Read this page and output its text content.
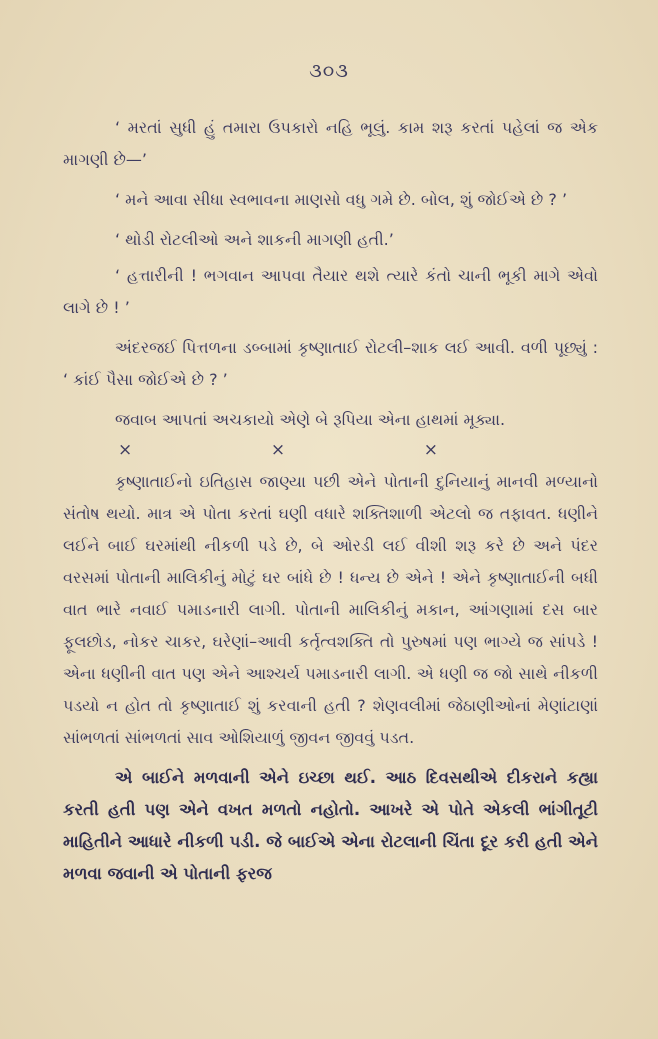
૩૦૩

‘ મરતાં સુધી હું તમારા ઉપકારો નહિ ભૂલું. કામ શરૂ કરતાં પહેલાં જ એક માગણી છે—’

‘ મને આવા સીધા સ્વભાવના માણસો વધુ ગમે છે. બોલ, શું જોઈએ છે ? ’

‘ થોડી રોટલીઓ અને શાકની માગણી હતી.’

‘ હત્તારીની ! ભગવાન આપવા તૈયાર થશે ત્યારે કંતો ચાની ભૂકી માગે એવો લાગે છે ! ’

અંદરજઈ પિત્તળના ડબ્બામાં કૃષ્ણાતાઈ રોટલી–શાક લઈ આવી. વળી પૂછ્યું : ‘ કાંઈ પૈસા જોઈએ છે ? ’

જવાબ આપતાં અચકાયો એણે બે રૂપિયા એના હાથમાં મૂક્યા.

×	×	×

કૃષ્ણાતાઈનો ઇતિહાસ જાણ્યા પછી એને પોતાની દુનિયાનું માનવી મળ્યાનો સંતોષ થયો. માત્ર એ પોતા કરતાં ઘણી વધારે શક્તિશાળી એટલો જ તફાવત. ધણીને લઈને બાઈ ઘરમાંથી નીકળી પડે છે, બે ઓરડી લઈ વીશી શરૂ કરે છે અને પંદર વરસમાં પોતાની માલિકીનું મોટું ઘર બાંધે છે ! ધન્ય છે એને ! એને કૃષ્ણાતાઈની બધી વાત ભારે નવાઈ પમાડનારી લાગી. પોતાની માલિકીનું મકાન, આંગણામાં દસ બાર ફૂલછોડ, નોકર ચાકર, ઘરેણાં–આવી કર્તૃત્વશક્તિ તો પુરુષમાં પણ ભાગ્યે જ સાંપડે ! એના ધણીની વાત પણ એને આશ્ચર્ય પમાડનારી લાગી. એ ધણી જ જો સાથે નીકળી પડયો ન હોત તો કૃષ્ણાતાઈ શું કરવાની હતી ? શેણવલીમાં જેઠાણીઓનાં મેણાંટાણાં સાંભળતાં સાંભળતાં સાવ ઓશિયાળું જીવન જીવવું પડત.

એ બાઈને મળવાની એને ઇચ્છા થઈ. આઠ દિવસથીએ દીકરાને કહ્યા કરતી હતી પણ એને વખત મળતો નહોતો. આખરે એ પોતે એકલી ભાંગીતૂટી માહિતીને આધારે નીકળી પડી. જે બાઈએ એના રોટલાની ચિંતા દૂર કરી હતી એને મળવા જવાની એ પોતાની ફરજ
